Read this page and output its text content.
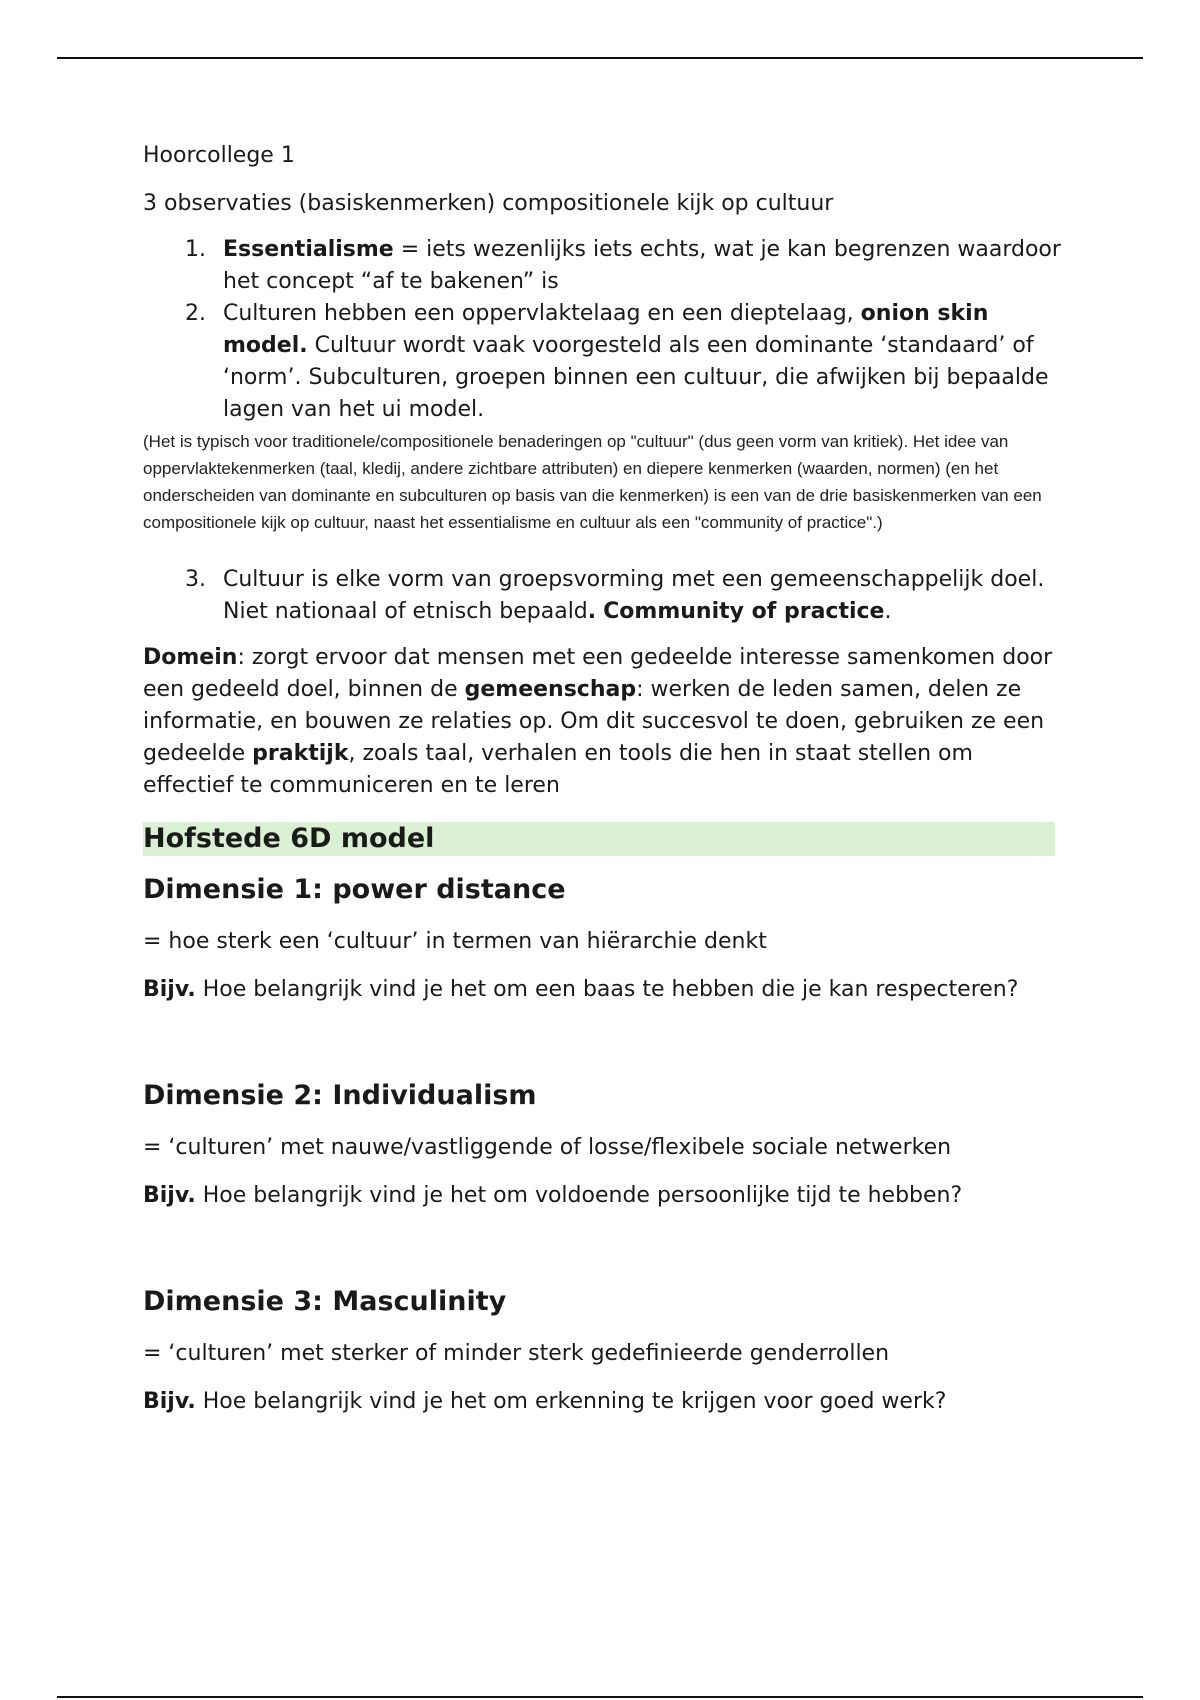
Hoorcollege 1

3 observaties (basiskenmerken) compositionele kijk op cultuur

1. Essentialisme = iets wezenlijks iets echts, wat je kan begrenzen waardoor het concept “af te bakenen” is
2. Culturen hebben een oppervlaktelaag en een dieptelaag, onion skin model. Cultuur wordt vaak voorgesteld als een dominante ‘standaard’ of ‘norm’. Subculturen, groepen binnen een cultuur, die afwijken bij bepaalde lagen van het ui model.

(Het is typisch voor traditionele/compositionele benaderingen op "cultuur" (dus geen vorm van kritiek). Het idee van oppervlaktekenmerken (taal, kledij, andere zichtbare attributen) en diepere kenmerken (waarden, normen) (en het onderscheiden van dominante en subculturen op basis van die kenmerken) is een van de drie basiskenmerken van een compositionele kijk op cultuur, naast het essentialisme en cultuur als een "community of practice".)

3. Cultuur is elke vorm van groepsvorming met een gemeenschappelijk doel. Niet nationaal of etnisch bepaald. Community of practice.

Domein: zorgt ervoor dat mensen met een gedeelde interesse samenkomen door een gedeeld doel, binnen de gemeenschap: werken de leden samen, delen ze informatie, en bouwen ze relaties op. Om dit succesvol te doen, gebruiken ze een gedeelde praktijk, zoals taal, verhalen en tools die hen in staat stellen om effectief te communiceren en te leren

Hofstede 6D model
Dimensie 1: power distance

= hoe sterk een ‘cultuur’ in termen van hiërarchie denkt

Bijv. Hoe belangrijk vind je het om een baas te hebben die je kan respecteren?

Dimensie 2: Individualism

= ‘culturen’ met nauwe/vastliggende of losse/flexibele sociale netwerken

Bijv. Hoe belangrijk vind je het om voldoende persoonlijke tijd te hebben?

Dimensie 3: Masculinity

= ‘culturen’ met sterker of minder sterk gedefinieerde genderrollen

Bijv. Hoe belangrijk vind je het om erkenning te krijgen voor goed werk?
